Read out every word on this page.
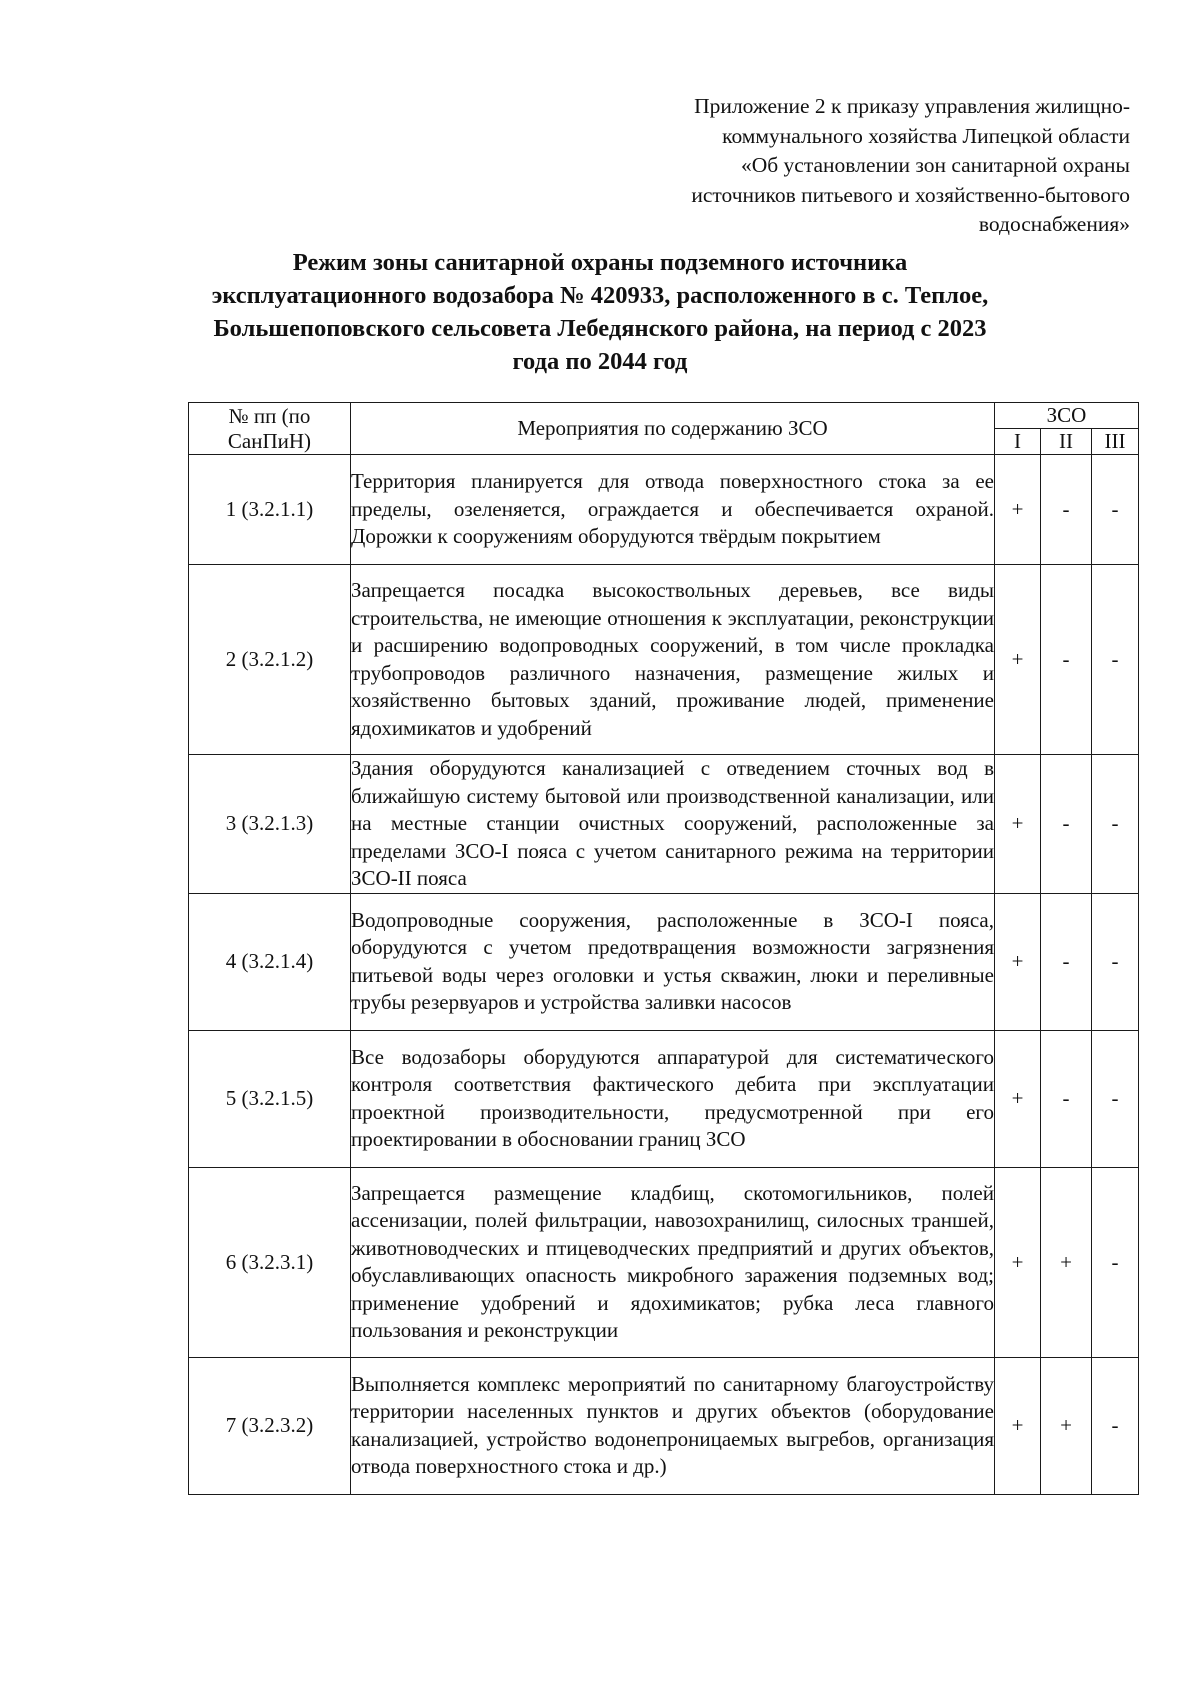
Приложение 2 к приказу управления жилищно-
коммунального хозяйства Липецкой области
«Об установлении зон санитарной охраны
источников питьевого и хозяйственно-бытового
водоснабжения»
Режим зоны санитарной охраны подземного источника
эксплуатационного водозабора № 420933, расположенного в с. Теплое,
Большепоповского сельсовета Лебедянского района, на период с 2023
года по 2044 год
№ пп (по СанПиН)	Мероприятия по содержанию ЗСО	ЗСО		
		I	II	III
1 (3.2.1.1)	Территория планируется для отвода поверхностного стока за ее пределы, озеленяется, ограждается и обеспечивается охраной. Дорожки к сооружениям оборудуются твёрдым покрытием	+	-	-
2 (3.2.1.2)	Запрещается посадка высокоствольных деревьев, все виды строительства, не имеющие отношения к эксплуатации, реконструкции и расширению водопроводных сооружений, в том числе прокладка трубопроводов различного назначения, размещение жилых и хозяйственно бытовых зданий, проживание людей, применение ядохимикатов и удобрений	+	-	-
3 (3.2.1.3)	Здания оборудуются канализацией с отведением сточных вод в ближайшую систему бытовой или производственной канализации, или на местные станции очистных сооружений, расположенные за пределами ЗСО-I пояса с учетом санитарного режима на территории ЗСО-II пояса	+	-	-
4 (3.2.1.4)	Водопроводные сооружения, расположенные в ЗСО-I пояса, оборудуются с учетом предотвращения возможности загрязнения питьевой воды через оголовки и устья скважин, люки и переливные трубы резервуаров и устройства заливки насосов	+	-	-
5 (3.2.1.5)	Все водозаборы оборудуются аппаратурой для систематического контроля соответствия фактического дебита при эксплуатации проектной производительности, предусмотренной при его проектировании в обосновании границ ЗСО	+	-	-
6 (3.2.3.1)	Запрещается размещение кладбищ, скотомогильников, полей ассенизации, полей фильтрации, навозохранилищ, силосных траншей, животноводческих и птицеводческих предприятий и других объектов, обуславливающих опасность микробного заражения подземных вод; применение удобрений и ядохимикатов; рубка леса главного пользования и реконструкции	+	+	-
7 (3.2.3.2)	Выполняется комплекс мероприятий по санитарному благоустройству территории населенных пунктов и других объектов (оборудование канализацией, устройство водонепроницаемых выгребов, организация отвода поверхностного стока и др.)	+	+	-
